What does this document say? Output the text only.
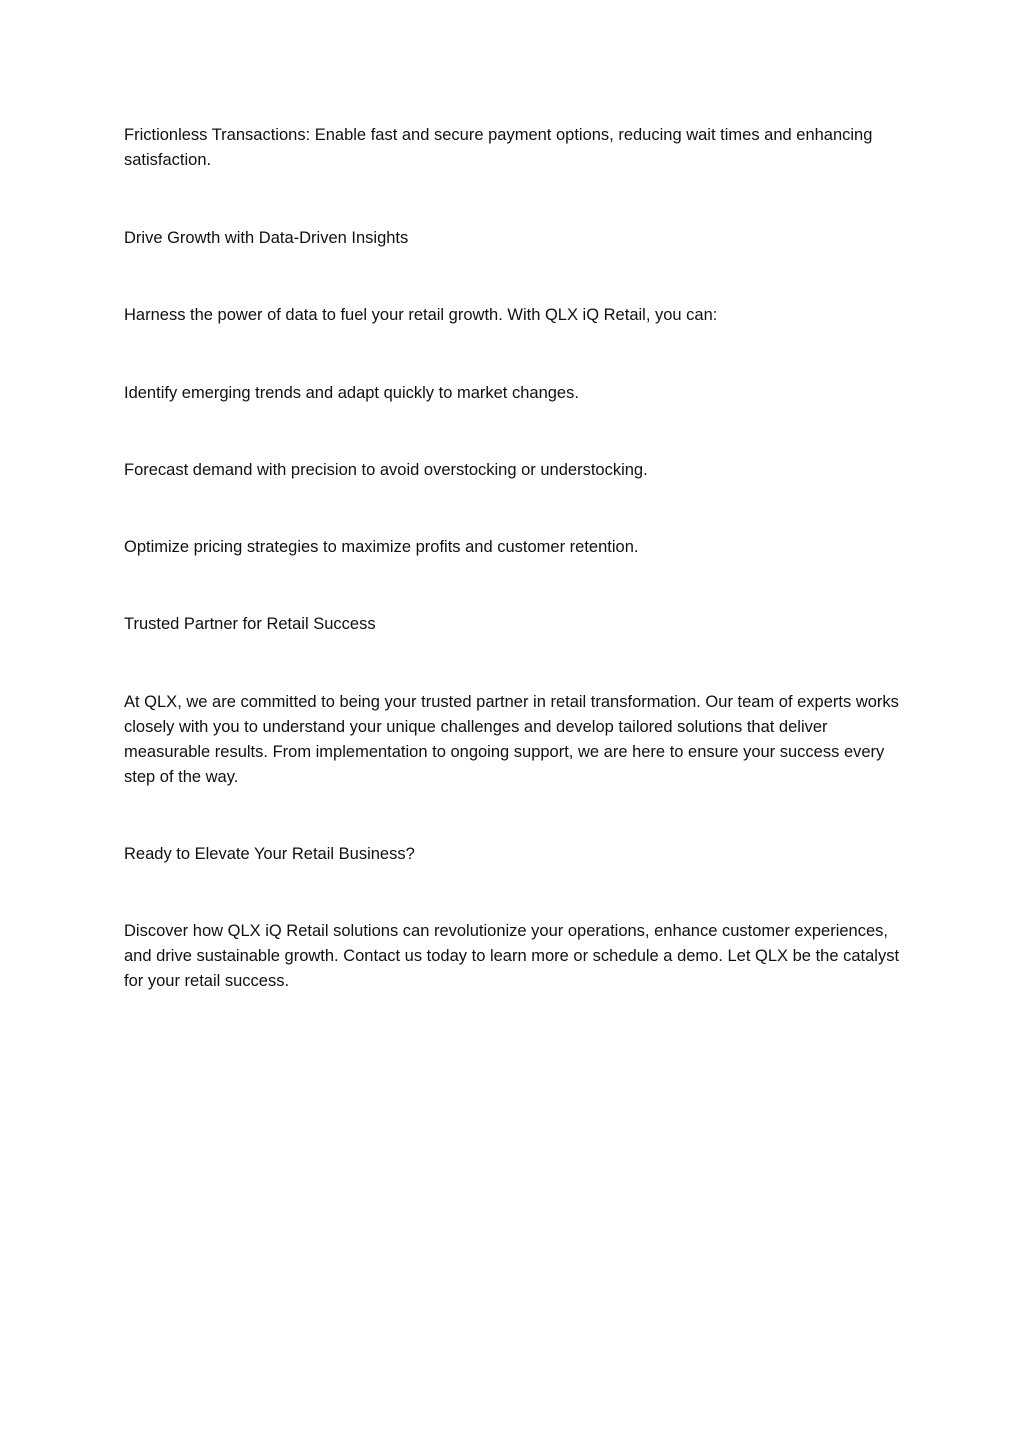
Frictionless Transactions: Enable fast and secure payment options, reducing wait times and enhancing satisfaction.

Drive Growth with Data-Driven Insights

Harness the power of data to fuel your retail growth. With QLX iQ Retail, you can:

Identify emerging trends and adapt quickly to market changes.

Forecast demand with precision to avoid overstocking or understocking.

Optimize pricing strategies to maximize profits and customer retention.

Trusted Partner for Retail Success

At QLX, we are committed to being your trusted partner in retail transformation. Our team of experts works closely with you to understand your unique challenges and develop tailored solutions that deliver measurable results. From implementation to ongoing support, we are here to ensure your success every step of the way.

Ready to Elevate Your Retail Business?

Discover how QLX iQ Retail solutions can revolutionize your operations, enhance customer experiences, and drive sustainable growth. Contact us today to learn more or schedule a demo. Let QLX be the catalyst for your retail success.
